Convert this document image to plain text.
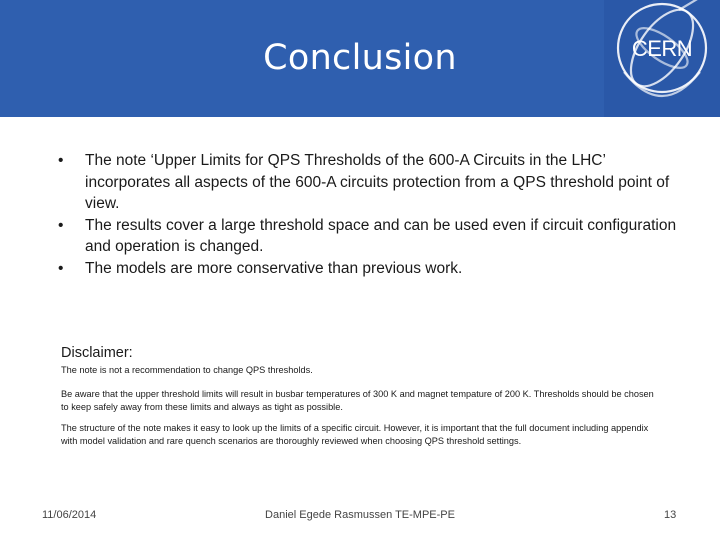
Conclusion	CERN
• The note ‘Upper Limits for QPS Thresholds of the 600-A Circuits in the LHC’ incorporates all aspects of the 600-A circuits protection from a QPS threshold point of view.
• The results cover a large threshold space and can be used even if circuit configuration and operation is changed.
• The models are more conservative than previous work.
Disclaimer:
The note is not a recommendation to change QPS thresholds.
Be aware that the upper threshold limits will result in busbar temperatures of 300 K and magnet tempature of 200 K. Thresholds should be chosen to keep safely away from these limits and always as tight as possible.
The structure of the note makes it easy to look up the limits of a specific circuit. However, it is important that the full document including appendix with model validation and rare quench scenarios are thoroughly reviewed when choosing QPS threshold settings.
11/06/2014	Daniel Egede Rasmussen TE-MPE-PE	13
